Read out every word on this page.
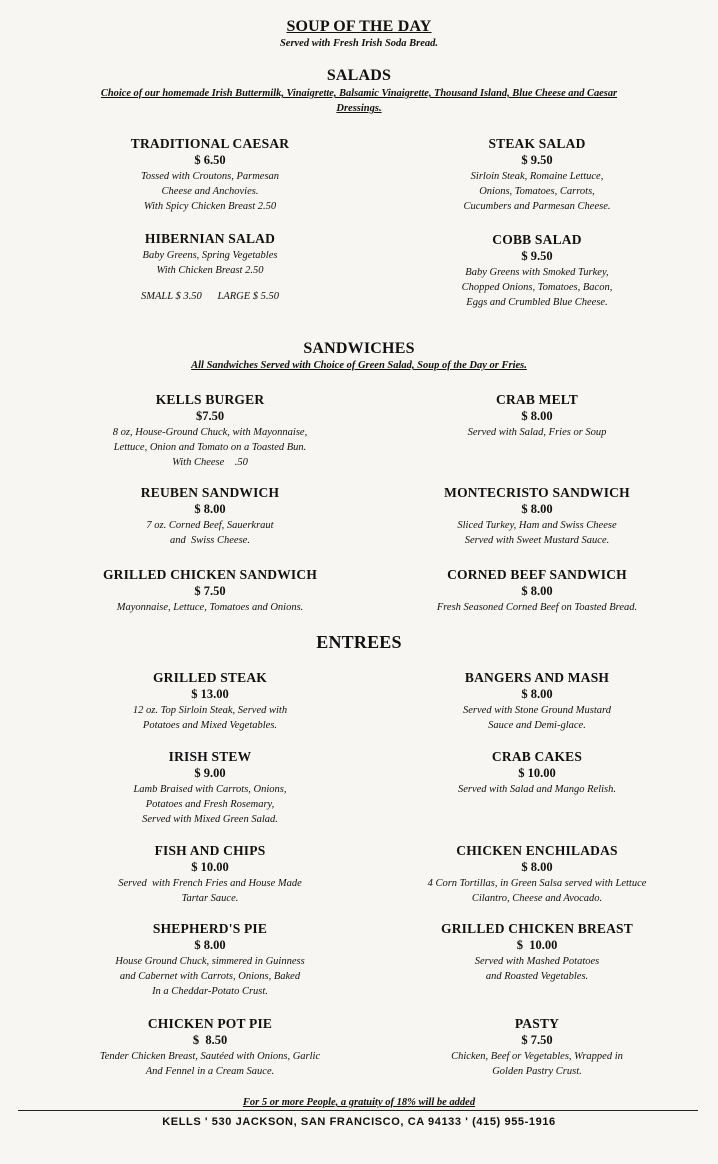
SOUP OF THE DAY
Served with Fresh Irish Soda Bread.
SALADS
Choice of our homemade Irish Buttermilk, Vinaigrette, Balsamic Vinaigrette, Thousand Island, Blue Cheese and Caesar
Dressings.
TRADITIONAL CAESAR
$ 6.50
Tossed with Croutons, Parmesan
Cheese and Anchovies.
With Spicy Chicken Breast 2.50
HIBERNIAN SALAD
Baby Greens, Spring Vegetables
With Chicken Breast 2.50
SMALL $ 3.50      LARGE $ 5.50
STEAK SALAD
$ 9.50
Sirloin Steak, Romaine Lettuce,
Onions, Tomatoes, Carrots,
Cucumbers and Parmesan Cheese.
COBB SALAD
$ 9.50
Baby Greens with Smoked Turkey,
Chopped Onions, Tomatoes, Bacon,
Eggs and Crumbled Blue Cheese.
SANDWICHES
All Sandwiches Served with Choice of Green Salad, Soup of the Day or Fries.
KELLS BURGER
$7.50
8 oz, House-Ground Chuck, with Mayonnaise,
Lettuce, Onion and Tomato on a Toasted Bun.
With Cheese    .50
REUBEN SANDWICH
$ 8.00
7 oz. Corned Beef, Sauerkraut
and  Swiss Cheese.
GRILLED CHICKEN SANDWICH
$ 7.50
Mayonnaise, Lettuce, Tomatoes and Onions.
CRAB MELT
$ 8.00
Served with Salad, Fries or Soup
MONTECRISTO SANDWICH
$ 8.00
Sliced Turkey, Ham and Swiss Cheese
Served with Sweet Mustard Sauce.
CORNED BEEF SANDWICH
$ 8.00
Fresh Seasoned Corned Beef on Toasted Bread.
ENTREES
GRILLED STEAK
$ 13.00
12 oz. Top Sirloin Steak, Served with
Potatoes and Mixed Vegetables.
IRISH STEW
$ 9.00
Lamb Braised with Carrots, Onions,
Potatoes and Fresh Rosemary,
Served with Mixed Green Salad.
FISH AND CHIPS
$ 10.00
Served  with French Fries and House Made
Tartar Sauce.
SHEPHERD'S PIE
$ 8.00
House Ground Chuck, simmered in Guinness
and Cabernet with Carrots, Onions, Baked
In a Cheddar-Potato Crust.
CHICKEN POT PIE
$  8.50
Tender Chicken Breast, Sautéed with Onions, Garlic
And Fennel in a Cream Sauce.
BANGERS AND MASH
$ 8.00
Served with Stone Ground Mustard
Sauce and Demi-glace.
CRAB CAKES
$ 10.00
Served with Salad and Mango Relish.
CHICKEN ENCHILADAS
$ 8.00
4 Corn Tortillas, in Green Salsa served with Lettuce
Cilantro, Cheese and Avocado.
GRILLED CHICKEN BREAST
$  10.00
Served with Mashed Potatoes
and Roasted Vegetables.
PASTY
$ 7.50
Chicken, Beef or Vegetables, Wrapped in
Golden Pastry Crust.
For 5 or more People, a gratuity of 18% will be added
KELLS ' 530 JACKSON, SAN FRANCISCO, CA 94133 ' (415) 955-1916
